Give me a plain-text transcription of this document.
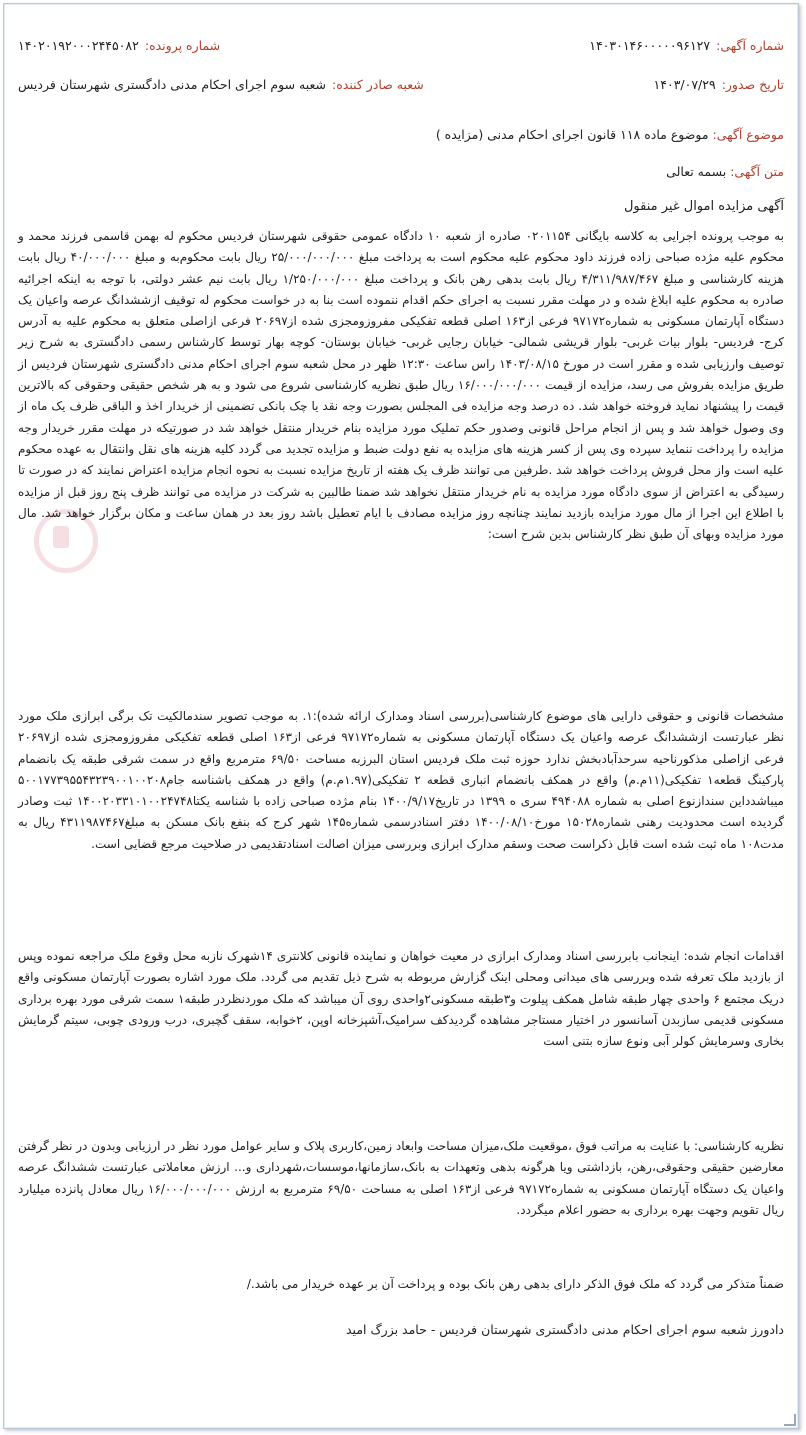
شماره آگهی:
۱۴۰۳۰۱۴۶۰۰۰۰۰۹۶۱۲۷
شماره پرونده:
۱۴۰۲۰۱۹۲۰۰۰۲۴۴۵۰۸۲
تاریخ صدور:
۱۴۰۳/۰۷/۲۹
شعبه صادر کننده:
شعبه سوم اجرای احکام مدنی دادگستری شهرستان فردیس
موضوع آگهی: موضوع ماده ۱۱۸ قانون اجرای احکام مدنی (مزایده )
متن آگهی: بسمه تعالی
آگهی مزایده اموال غیر منقول
به موجب پرونده اجرایی به کلاسه بایگانی ۰۲۰۱۱۵۴ صادره از شعبه ۱۰ دادگاه عمومی حقوقی شهرستان فردیس محکوم له بهمن قاسمی فرزند محمد و محکوم علیه مژده صباحی زاده فرزند داود محکوم علیه محکوم است به پرداخت مبلغ ۲۵/۰۰۰/۰۰۰/۰۰۰ ریال بابت محکوم‌به و مبلغ ۴۰/۰۰۰/۰۰۰ ریال بابت هزینه کارشناسی و مبلغ ۴/۳۱۱/۹۸۷/۴۶۷ ریال بابت بدهی رهن بانک و پرداخت مبلغ ۱/۲۵۰/۰۰۰/۰۰۰ ریال بابت نیم عشر دولتی، با توجه به اینکه اجرائیه صادره به محکوم علیه ابلاغ شده و در مهلت مقرر نسبت به اجرای حکم اقدام ننموده است بنا به در خواست محکوم له توقیف ازششدانگ عرصه واعیان یک دستگاه آپارتمان مسکونی به شماره۹۷۱۷۲ فرعی از۱۶۳ اصلی قطعه تفکیکی مفروزومجزی شده از۲۰۶۹۷ فرعی ازاصلی متعلق به محکوم علیه به آدرس کرج- فردیس- بلوار بیات غربی- بلوار قریشی شمالی- خیابان رجایی غربی- خیابان بوستان- کوچه بهار توسط کارشناس رسمی دادگستری به شرح زیر توصیف وارزیابی شده و مقرر است در مورخ ۱۴۰۳/۰۸/۱۵ راس ساعت ۱۲:۳۰ ظهر در محل شعبه سوم اجرای احکام مدنی دادگستری شهرستان فردیس از طریق مزایده بفروش می رسد، مزایده از قیمت ۱۶/۰۰۰/۰۰۰/۰۰۰ ریال طبق نظریه کارشناسی شروع می شود و به هر شخص حقیقی وحقوقی که بالاترین قیمت را پیشنهاد نماید فروخته خواهد شد. ده درصد وجه مزایده فی المجلس بصورت وجه نقد یا چک بانکی تضمینی از خریدار اخذ و الباقی ظرف یک ماه از وی وصول خواهد شد و پس از انجام مراحل قانونی وصدور حکم تملیک مورد مزایده بنام خریدار منتقل خواهد شد در صورتیکه در مهلت مقرر خریدار وجه مزایده را پرداخت ننماید سپرده وی پس از کسر هزینه های مزایده به نفع دولت ضبط و مزایده تجدید می گردد کلیه هزینه های نقل وانتقال به عهده محکوم علیه است واز محل فروش پرداخت خواهد شد .طرفین می توانند ظرف یک هفته از تاریخ مزایده نسبت به نحوه انجام مزایده اعتراض نمایند که در صورت تا رسیدگی به اعتراض از سوی دادگاه مورد مزایده به نام خریدار منتقل نخواهد شد ضمنا طالبین به شرکت در مزایده می توانند ظرف پنج روز قبل از مزایده با اطلاع این اجرا از مال مورد مزایده بازدید نمایند چنانچه روز مزایده مصادف با ایام تعطیل باشد روز بعد در همان ساعت و مکان برگزار خواهد شد. مال مورد مزایده وبهای آن طبق نظر کارشناس بدین شرح است:
مشخصات قانونی و حقوقی دارایی های موضوع کارشناسی(بررسی اسناد ومدارک ارائه شده):۱. به موجب تصویر سندمالکیت تک برگی ابرازی ملک مورد نظر عبارتست ازششدانگ عرصه واعیان یک دستگاه آپارتمان مسکونی به شماره۹۷۱۷۲ فرعی از۱۶۳ اصلی قطعه تفکیکی مفروزومجزی شده از۲۰۶۹۷ فرعی ازاصلی مذکورناحیه سرحدآبادبخش ندارد حوزه ثبت ملک فردیس استان البرزبه مساحت ۶۹/۵۰ مترمربع واقع در سمت شرقی طبقه یک بانضمام پارکینگ قطعه۱ تفکیکی(۱۱م.م) واقع در همکف بانضمام انباری قطعه ۲ تفکیکی(۱.۹۷م.م) واقع در همکف باشناسه جام۵۰۰۱۷۷۳۹۵۵۴۳۲۳۹۰۰۱۰۰۲۰۸ میباشدداین سندازنوع اصلی به شماره ۴۹۴۰۸۸ سری ه ۱۳۹۹ در تاریخ۱۴۰۰/۹/۱۷ بنام مژده صباحی زاده با شناسه یکتا۱۴۰۰۲۰۳۳۱۰۱۰۰۲۴۷۴۸ ثبت وصادر گردیده است محدودیت رهنی شماره۱۵۰۲۸ مورخ۱۴۰۰/۰۸/۱۰ دفتر اسنادرسمی شماره۱۴۵ شهر کرج که بنفع بانک مسکن به مبلغ۴۳۱۱۹۸۷۴۶۷ ریال به مدت۱۰۸ ماه ثبت شده است قابل ذکراست صحت وسقم مدارک ابرازی وبررسی میزان اصالت اسنادتقدیمی در صلاحیت مرجع قضایی است.
اقدامات انجام شده: اینجانب بابررسی اسناد ومدارک ابرازی در معیت خواهان و نماینده قانونی کلانتری ۱۴شهرک نازبه محل وقوع ملک مراجعه نموده وپس از بازدید ملک تعرفه شده وبررسی های میدانی ومحلی اینک گزارش مربوطه به شرح ذیل تقدیم می گردد. ملک مورد اشاره بصورت آپارتمان مسکونی واقع دریک مجتمع ۶ واحدی چهار طبقه شامل همکف پیلوت و۳طبقه مسکونی۲واحدی روی آن میباشد که ملک موردنظردر طبقه۱ سمت شرقی مورد بهره برداری مسکونی قدیمی سازبدن آسانسور در اختیار مستاجر مشاهده گردیدکف سرامیک،آشپزخانه اوپن، ۲خوابه، سقف گچبری، درب ورودی چوبی، سیتم گرمایش بخاری وسرمایش کولر آبی ونوع سازه بتنی است
نظریه کارشناسی: با عنایت به مراتب فوق ،موقعیت ملک،میزان مساحت وابعاد زمین،کاربری پلاک و سایر عوامل مورد نظر در ارزیابی وبدون در نظر گرفتن معارضین حقیقی وحقوقی،رهن، بازداشتی ویا هرگونه بدهی وتعهدات به بانک،سازمانها،موسسات،شهرداری و... ارزش معاملاتی عبارتست ششدانگ عرصه واعیان یک دستگاه آپارتمان مسکونی به شماره۹۷۱۷۲ فرعی از۱۶۳ اصلی به مساحت ۶۹/۵۰ مترمربع به ارزش ۱۶/۰۰۰/۰۰۰/۰۰۰ ریال معادل پانزده میلیارد ریال تقویم وجهت بهره برداری به حضور اعلام میگردد.
ضمناً متذکر می گردد که ملک فوق الذکر دارای بدهی رهن بانک بوده و پرداخت آن بر عهده خریدار می باشد./
دادورز شعبه سوم اجرای احکام مدنی دادگستری شهرستان فردیس - حامد بزرگ امید
